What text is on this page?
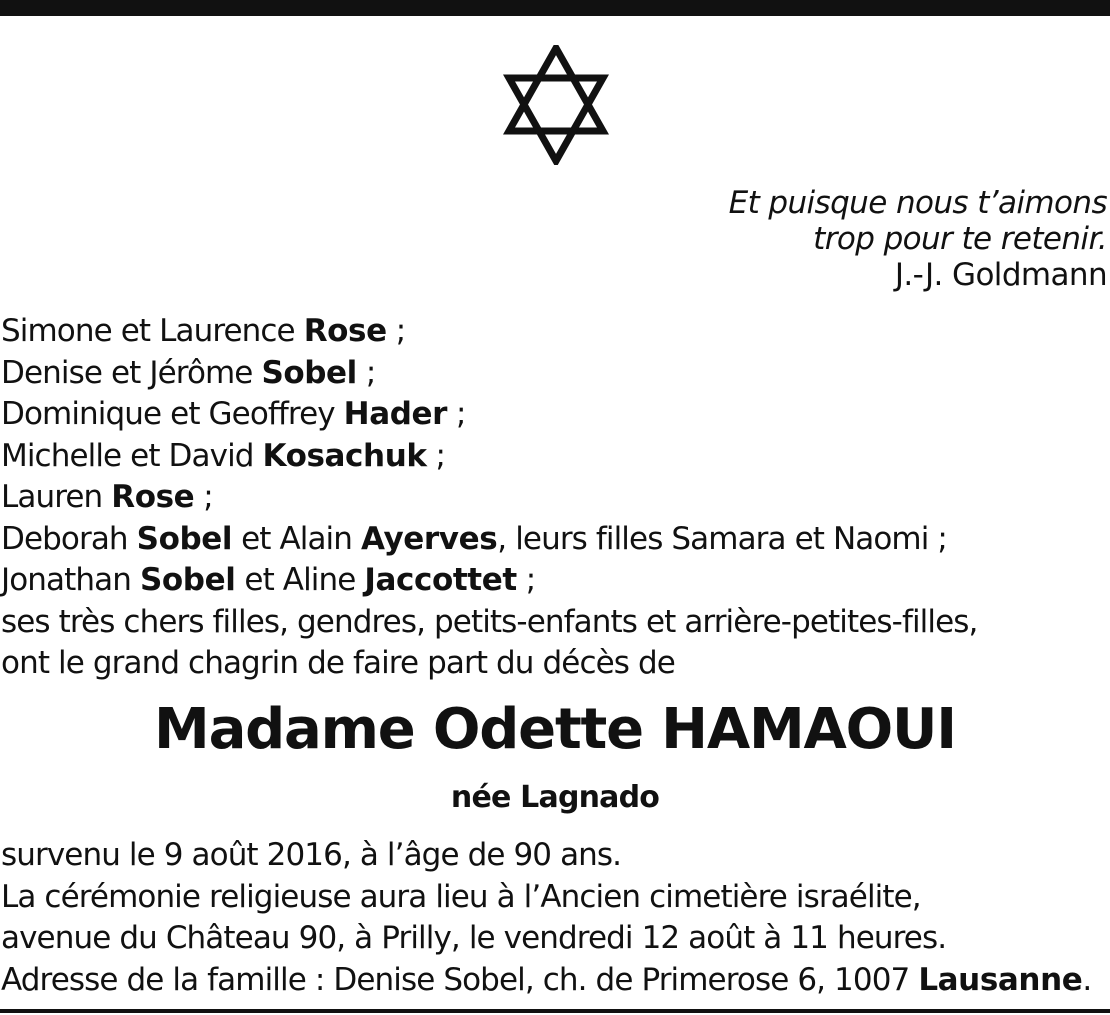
Et puisque nous t’aimons
trop pour te retenir.
J.-J. Goldmann
Simone et Laurence Rose ;
Denise et Jérôme Sobel ;
Dominique et Geoffrey Hader ;
Michelle et David Kosachuk ;
Lauren Rose ;
Deborah Sobel et Alain Ayerves, leurs filles Samara et Naomi ;
Jonathan Sobel et Aline Jaccottet ;
ses très chers filles, gendres, petits-enfants et arrière-petites-filles,
ont le grand chagrin de faire part du décès de
Madame Odette HAMAOUI
née Lagnado
survenu le 9 août 2016, à l’âge de 90 ans.
La cérémonie religieuse aura lieu à l’Ancien cimetière israélite,
avenue du Château 90, à Prilly, le vendredi 12 août à 11 heures.
Adresse de la famille : Denise Sobel, ch. de Primerose 6, 1007 Lausanne.
